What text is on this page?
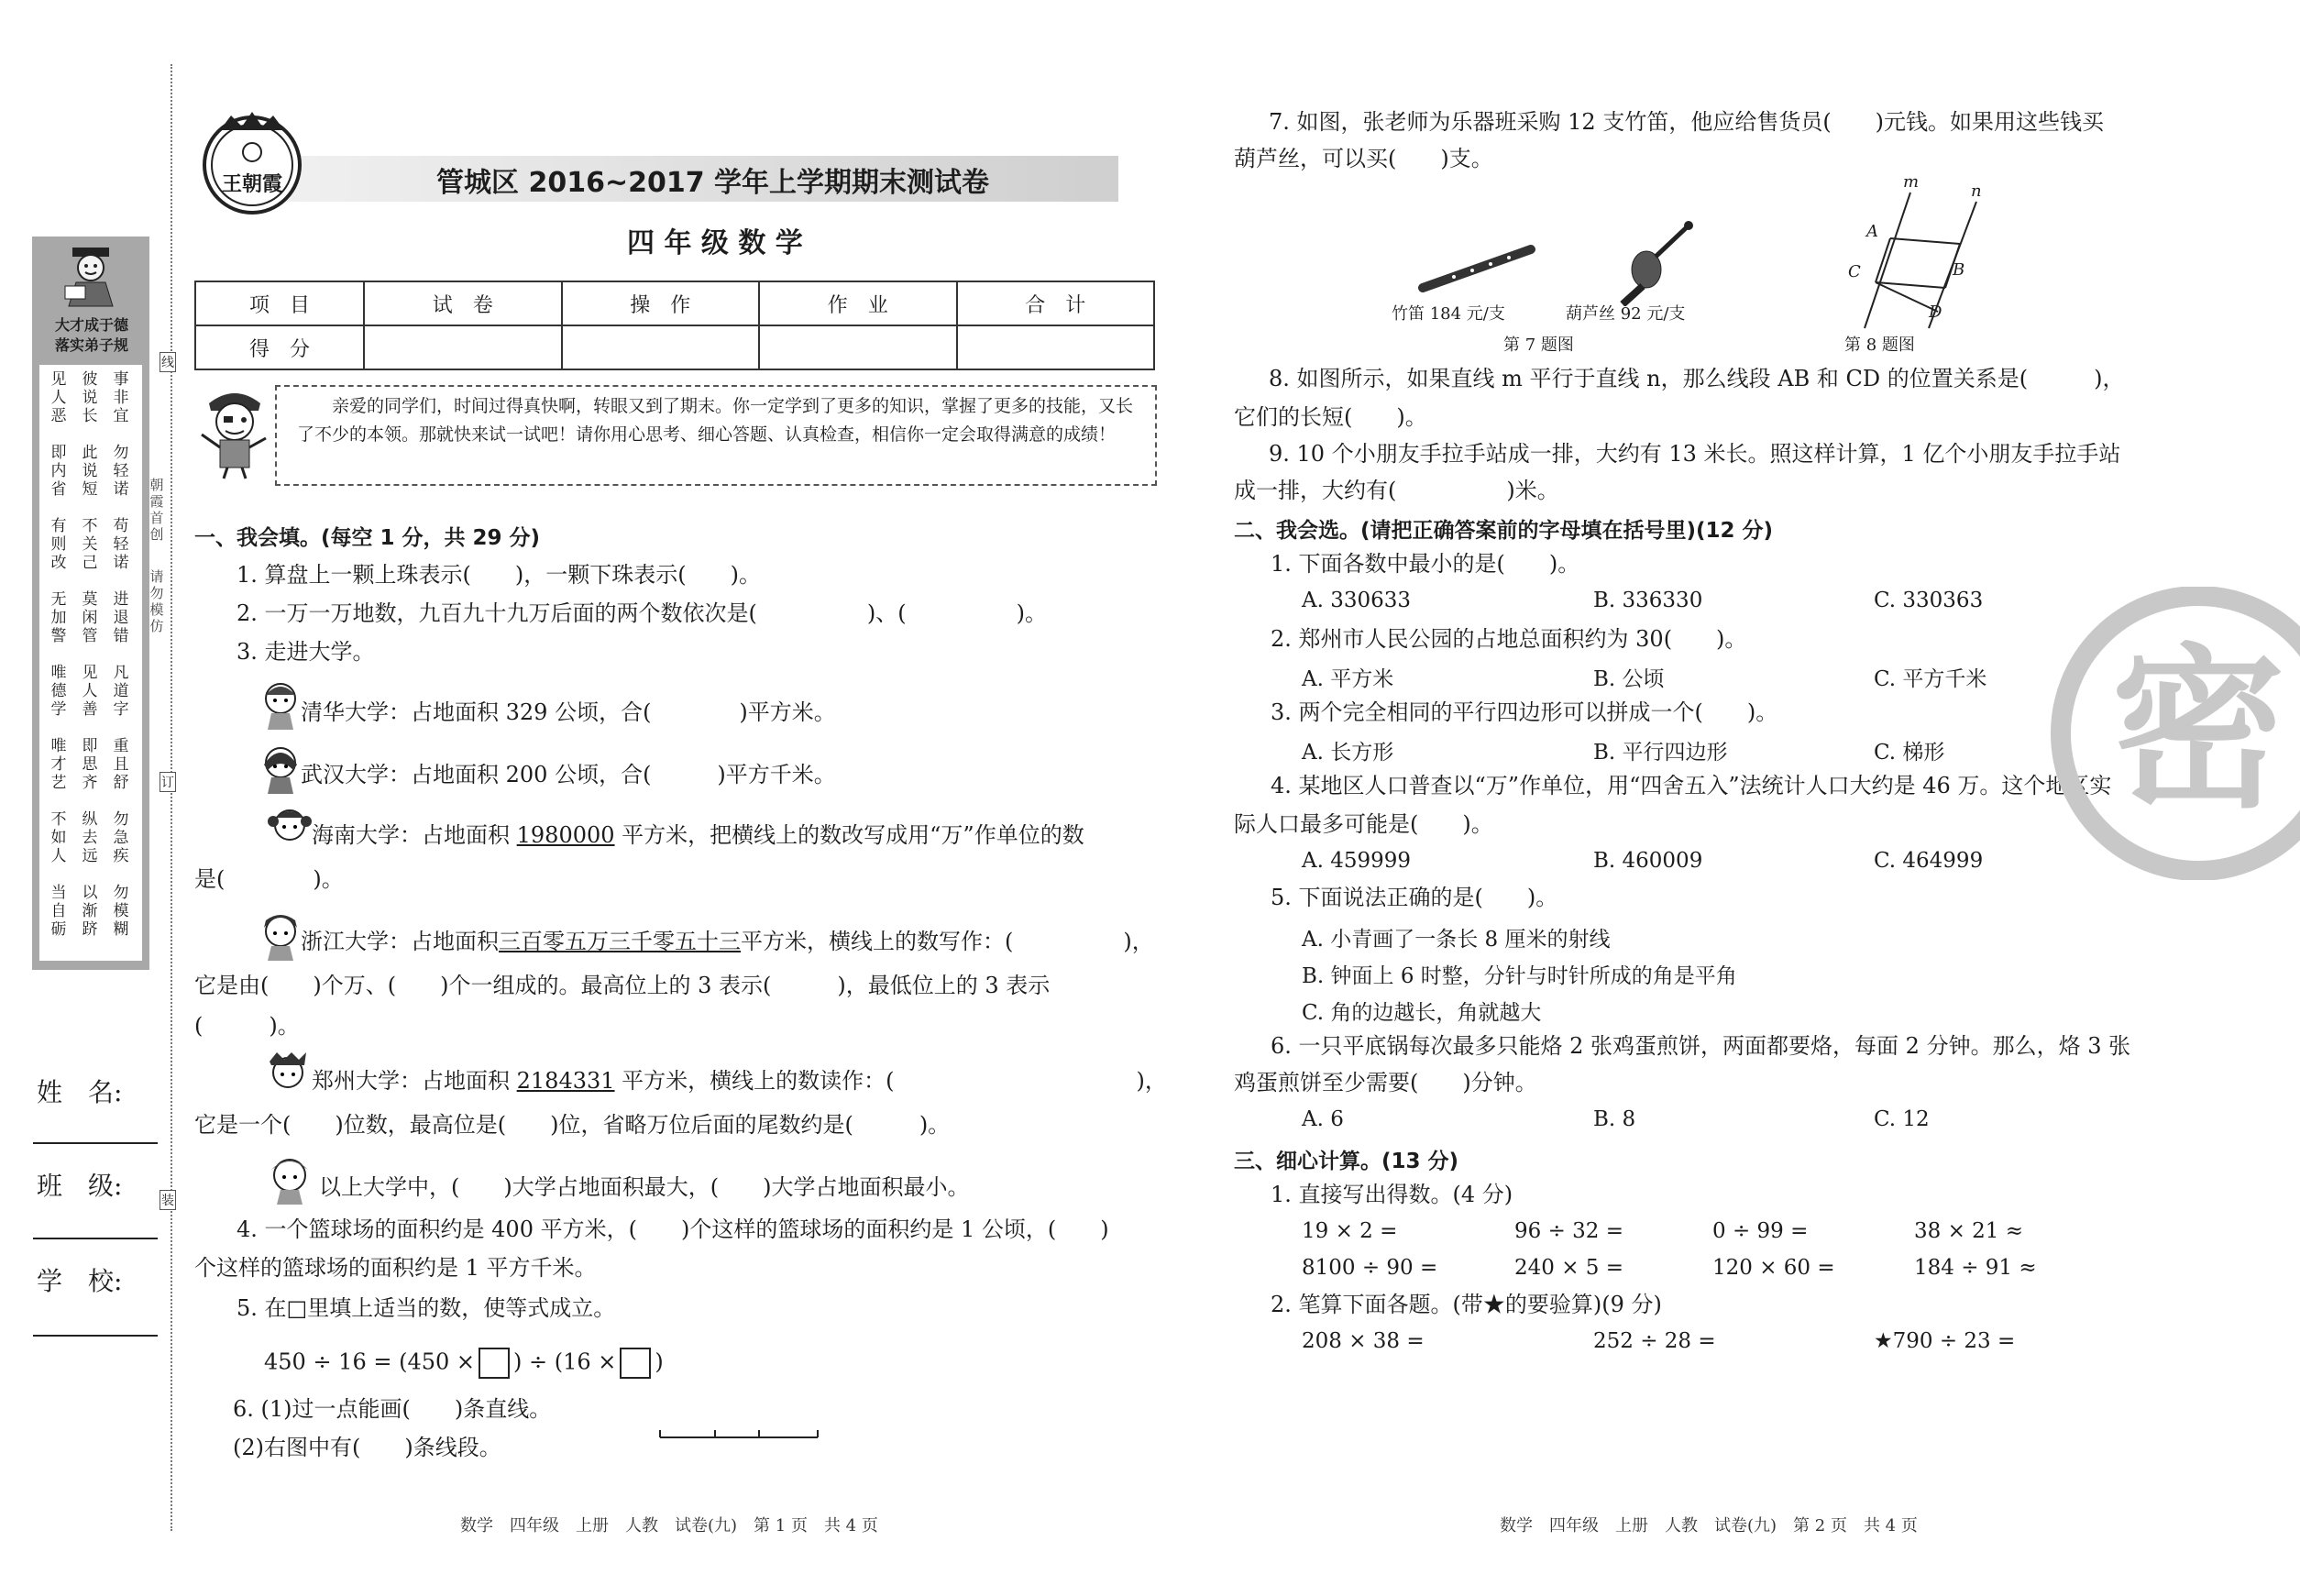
大才成于德
落实弟子规
见人恶
彼说长
事非宜
即内省
此说短
勿轻诺
有则改
不关己
苟轻诺
无加警
莫闲管
进退错
唯德学
见人善
凡道字
唯才艺
即思齐
重且舒
不如人
纵去远
勿急疾
当自砺
以渐跻
勿模糊
朝霞首创
请勿模仿
线
订
装
姓　名:
班　级:
学　校:
王朝霞	管城区 2016~2017 学年上学期期末测试卷
四 年 级 数 学
项　目	试　卷	操　作	作　业	合　计
得　分				
亲爱的同学们，时间过得真快啊，转眼又到了期末。你一定学到了更多的知识，掌握了更多的技能，又长了不少的本领。那就快来试一试吧！请你用心思考、细心答题、认真检查，相信你一定会取得满意的成绩！
一、我会填。(每空 1 分，共 29 分)
1. 算盘上一颗上珠表示(　　)，一颗下珠表示(　　)。
2. 一万一万地数，九百九十九万后面的两个数依次是(　　　　　)、(　　　　　)。
3. 走进大学。
清华大学：占地面积 329 公顷，合(　　　　)平方米。
武汉大学：占地面积 200 公顷，合(　　　)平方千米。
海南大学：占地面积 1980000 平方米，把横线上的数改写成用“万”作单位的数
是(　　　　)。
浙江大学：占地面积三百零五万三千零五十三平方米，横线上的数写作：(　　　　　)，
它是由(　　)个万、(　　)个一组成的。最高位上的 3 表示(　　　)，最低位上的 3 表示
(　　　)。
郑州大学：占地面积 2184331 平方米，横线上的数读作：(　　　　　　　　　　　)，
它是一个(　　)位数，最高位是(　　)位，省略万位后面的尾数约是(　　　)。
以上大学中，(　　)大学占地面积最大，(　　)大学占地面积最小。
4. 一个篮球场的面积约是 400 平方米，(　　)个这样的篮球场的面积约是 1 公顷，(　　)
个这样的篮球场的面积约是 1 平方千米。
5. 在□里填上适当的数，使等式成立。
450 ÷ 16 = (450 × ) ÷ (16 × )
6. (1)过一点能画(　　)条直线。
(2)右图中有(　　)条线段。
数学　四年级　上册　人教　试卷(九)　第 1 页　共 4 页
7. 如图，张老师为乐器班采购 12 支竹笛，他应给售货员(　　)元钱。如果用这些钱买
葫芦丝，可以买(　　)支。
竹笛 184 元/支	葫芦丝 92 元/支
第 7 题图
m	n
A
B
C
D
第 8 题图
8. 如图所示，如果直线 m 平行于直线 n，那么线段 AB 和 CD 的位置关系是(　　　)，
它们的长短(　　)。
9. 10 个小朋友手拉手站成一排，大约有 13 米长。照这样计算，1 亿个小朋友手拉手站
成一排，大约有(　　　　　)米。
二、我会选。(请把正确答案前的字母填在括号里)(12 分)
1. 下面各数中最小的是(　　)。
A. 330633	B. 336330	C. 330363
2. 郑州市人民公园的占地总面积约为 30(　　)。
A. 平方米	B. 公顷	C. 平方千米
3. 两个完全相同的平行四边形可以拼成一个(　　)。
A. 长方形	B. 平行四边形	C. 梯形
4. 某地区人口普查以“万”作单位，用“四舍五入”法统计人口大约是 46 万。这个地区实
际人口最多可能是(　　)。
A. 459999	B. 460009	C. 464999
5. 下面说法正确的是(　　)。
A. 小青画了一条长 8 厘米的射线
B. 钟面上 6 时整，分针与时针所成的角是平角
C. 角的边越长，角就越大
6. 一只平底锅每次最多只能烙 2 张鸡蛋煎饼，两面都要烙，每面 2 分钟。那么，烙 3 张
鸡蛋煎饼至少需要(　　)分钟。
A. 6	B. 8	C. 12
三、细心计算。(13 分)
1. 直接写出得数。(4 分)
19 × 2 =	96 ÷ 32 =	0 ÷ 99 =	38 × 21 ≈
8100 ÷ 90 =	240 × 5 =	120 × 60 =	184 ÷ 91 ≈
2. 笔算下面各题。(带★的要验算)(9 分)
208 × 38 =	252 ÷ 28 =	★790 ÷ 23 =
数学　四年级　上册　人教　试卷(九)　第 2 页　共 4 页
密
